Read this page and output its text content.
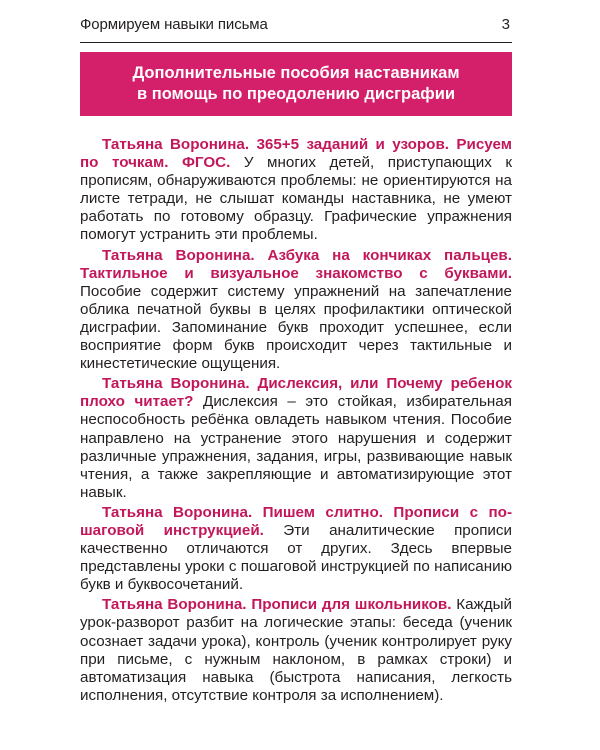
Формируем навыки письма	3
Дополнительные пособия наставникам
в помощь по преодолению дисграфии

Татьяна Воронина. 365+5 заданий и узоров. Рисуем по точкам. ФГОС. У многих детей, приступающих к прописям, обнаруживаются проблемы: не ориентируются на листе тетради, не слышат команды наставника, не умеют работать по готовому образцу. Графические упражнения помогут устранить эти проблемы.

Татьяна Воронина. Азбука на кончиках пальцев. Тактильное и визуальное знакомство с буквами. Пособие содержит систему упражнений на запечатление облика печатной буквы в целях профилактики оптической дисграфии. Запоминание букв проходит успешнее, если восприятие форм букв происходит через тактильные и кинестетические ощущения.

Татьяна Воронина. Дислексия, или Почему ребенок плохо читает? Дислексия – это стойкая, избирательная неспособность ребёнка овладеть навыком чтения. Пособие направлено на устранение этого нарушения и содержит различные упражнения, задания, игры, развивающие навык чтения, а также закрепляющие и автоматизирующие этот навык.

Татьяна Воронина. Пишем слитно. Прописи с пошаговой инструкцией. Эти аналитические прописи качественно отличаются от других. Здесь впервые представлены уроки с пошаговой инструкцией по написанию букв и буквосочетаний.

Татьяна Воронина. Прописи для школьников. Каждый урок-разворот разбит на логические этапы: беседа (ученик осознает задачи урока), контроль (ученик контролирует руку при письме, с нужным наклоном, в рамках строки) и автоматизация навыка (быстрота написания, легкость исполнения, отсутствие контроля за исполнением).
